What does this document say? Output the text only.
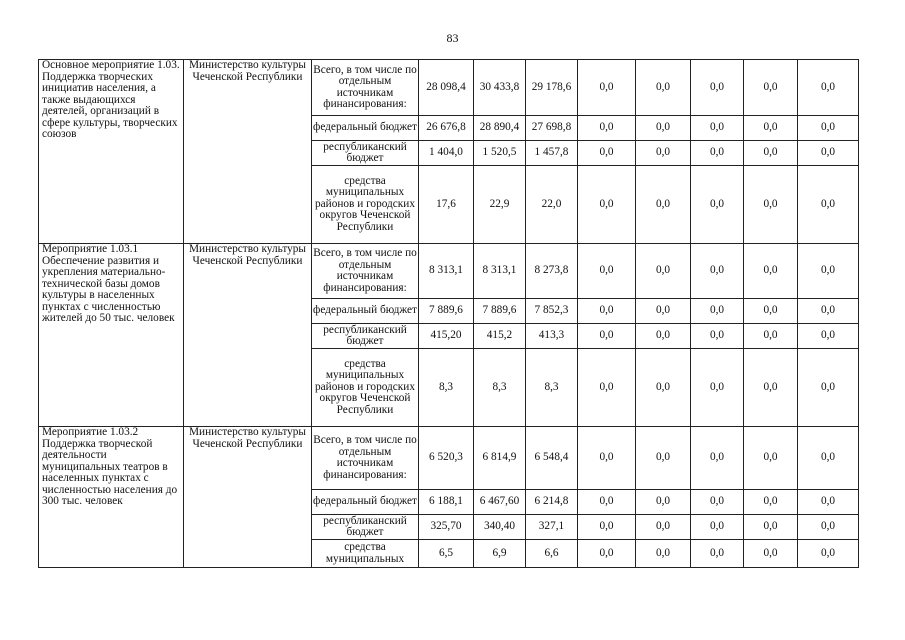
83
Основное мероприятие 1.03. Поддержка творческих инициатив населения, а также выдающихся деятелей, организаций в сфере культуры, творческих союзов	Министерство культуры Чеченской Республики	Всего, в том числе по отдельным источникам финансирования:	28 098,4	30 433,8	29 178,6	0,0	0,0	0,0	0,0	0,0
		федеральный бюджет	26 676,8	28 890,4	27 698,8	0,0	0,0	0,0	0,0	0,0
		республиканский бюджет	1 404,0	1 520,5	1 457,8	0,0	0,0	0,0	0,0	0,0
		средства муниципальных районов и городских округов Чеченской Республики	17,6	22,9	22,0	0,0	0,0	0,0	0,0	0,0
Мероприятие 1.03.1 Обеспечение развития и укрепления материально-технической базы домов культуры в населенных пунктах с численностью жителей до 50 тыс. человек	Министерство культуры Чеченской Республики	Всего, в том числе по отдельным источникам финансирования:	8 313,1	8 313,1	8 273,8	0,0	0,0	0,0	0,0	0,0
		федеральный бюджет	7 889,6	7 889,6	7 852,3	0,0	0,0	0,0	0,0	0,0
		республиканский бюджет	415,20	415,2	413,3	0,0	0,0	0,0	0,0	0,0
		средства муниципальных районов и городских округов Чеченской Республики	8,3	8,3	8,3	0,0	0,0	0,0	0,0	0,0
Мероприятие 1.03.2 Поддержка творческой деятельности муниципальных театров в населенных пунктах с численностью населения до 300 тыс. человек	Министерство культуры Чеченской Республики	Всего, в том числе по отдельным источникам финансирования:	6 520,3	6 814,9	6 548,4	0,0	0,0	0,0	0,0	0,0
		федеральный бюджет	6 188,1	6 467,60	6 214,8	0,0	0,0	0,0	0,0	0,0
		республиканский бюджет	325,70	340,40	327,1	0,0	0,0	0,0	0,0	0,0
		средства муниципальных	6,5	6,9	6,6	0,0	0,0	0,0	0,0	0,0
